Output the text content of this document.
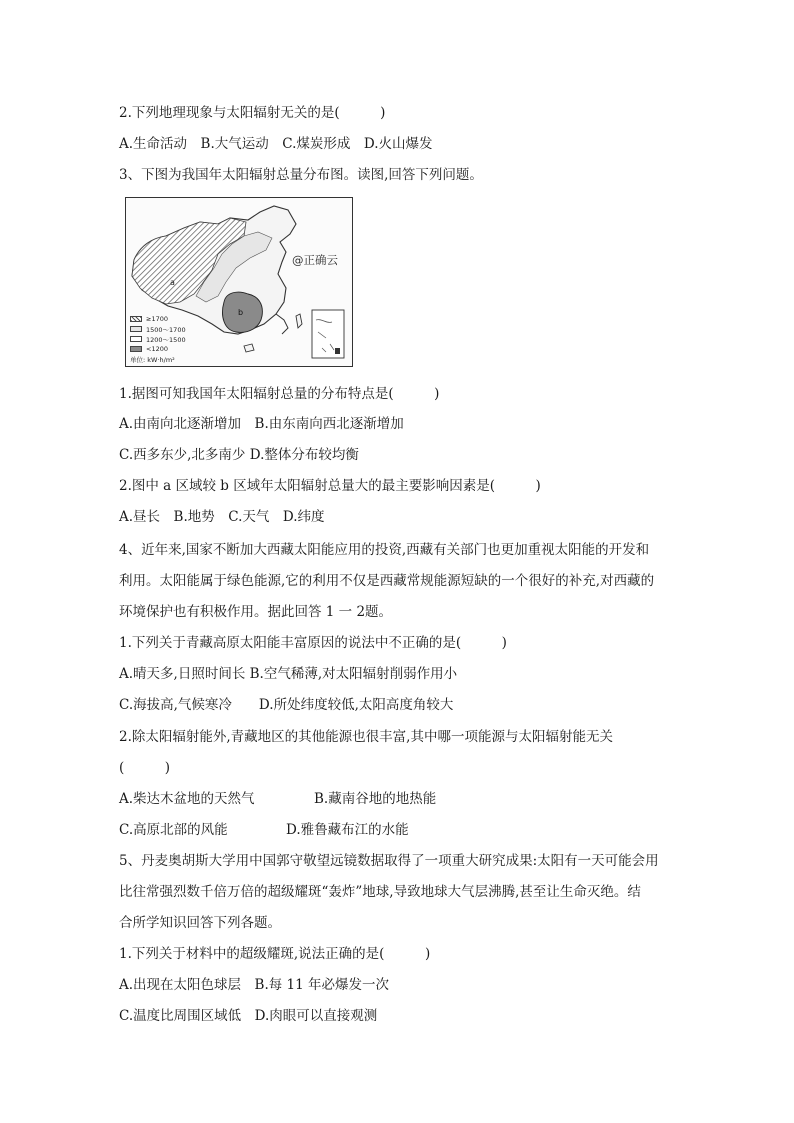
2.下列地理现象与太阳辐射无关的是(　　　)
A.生命活动　B.大气运动　C.煤炭形成　D.火山爆发
3、下图为我国年太阳辐射总量分布图。读图,回答下列问题。
a
b
@正确云
≥1700
1500～1700
1200～1500
<1200
单位: kW·h/m²
1.据图可知我国年太阳辐射总量的分布特点是(　　　)
A.由南向北逐渐增加　B.由东南向西北逐渐增加
C.西多东少,北多南少 D.整体分布较均衡
2.图中 a 区域较 b 区域年太阳辐射总量大的最主要影响因素是(　　　)
A.昼长　B.地势　C.天气　D.纬度
4、近年来,国家不断加大西藏太阳能应用的投资,西藏有关部门也更加重视太阳能的开发和
利用。太阳能属于绿色能源,它的利用不仅是西藏常规能源短缺的一个很好的补充,对西藏的
环境保护也有积极作用。据此回答 1 一 2题。
1.下列关于青藏高原太阳能丰富原因的说法中不正确的是(　　　)
A.晴天多,日照时间长 B.空气稀薄,对太阳辐射削弱作用小
C.海拔高,气候寒冷　　D.所处纬度较低,太阳高度角较大
2.除太阳辐射能外,青藏地区的其他能源也很丰富,其中哪一项能源与太阳辐射能无关
(　　　)
A.柴达木盆地的天然气	B.藏南谷地的地热能
C.高原北部的风能	D.雅鲁藏布江的水能
5、丹麦奥胡斯大学用中国郭守敬望远镜数据取得了一项重大研究成果:太阳有一天可能会用
比往常强烈数千倍万倍的超级耀斑“轰炸”地球,导致地球大气层沸腾,甚至让生命灭绝。结
合所学知识回答下列各题。
1.下列关于材料中的超级耀斑,说法正确的是(　　　)
A.出现在太阳色球层　B.每 11 年必爆发一次
C.温度比周围区域低　D.肉眼可以直接观测
